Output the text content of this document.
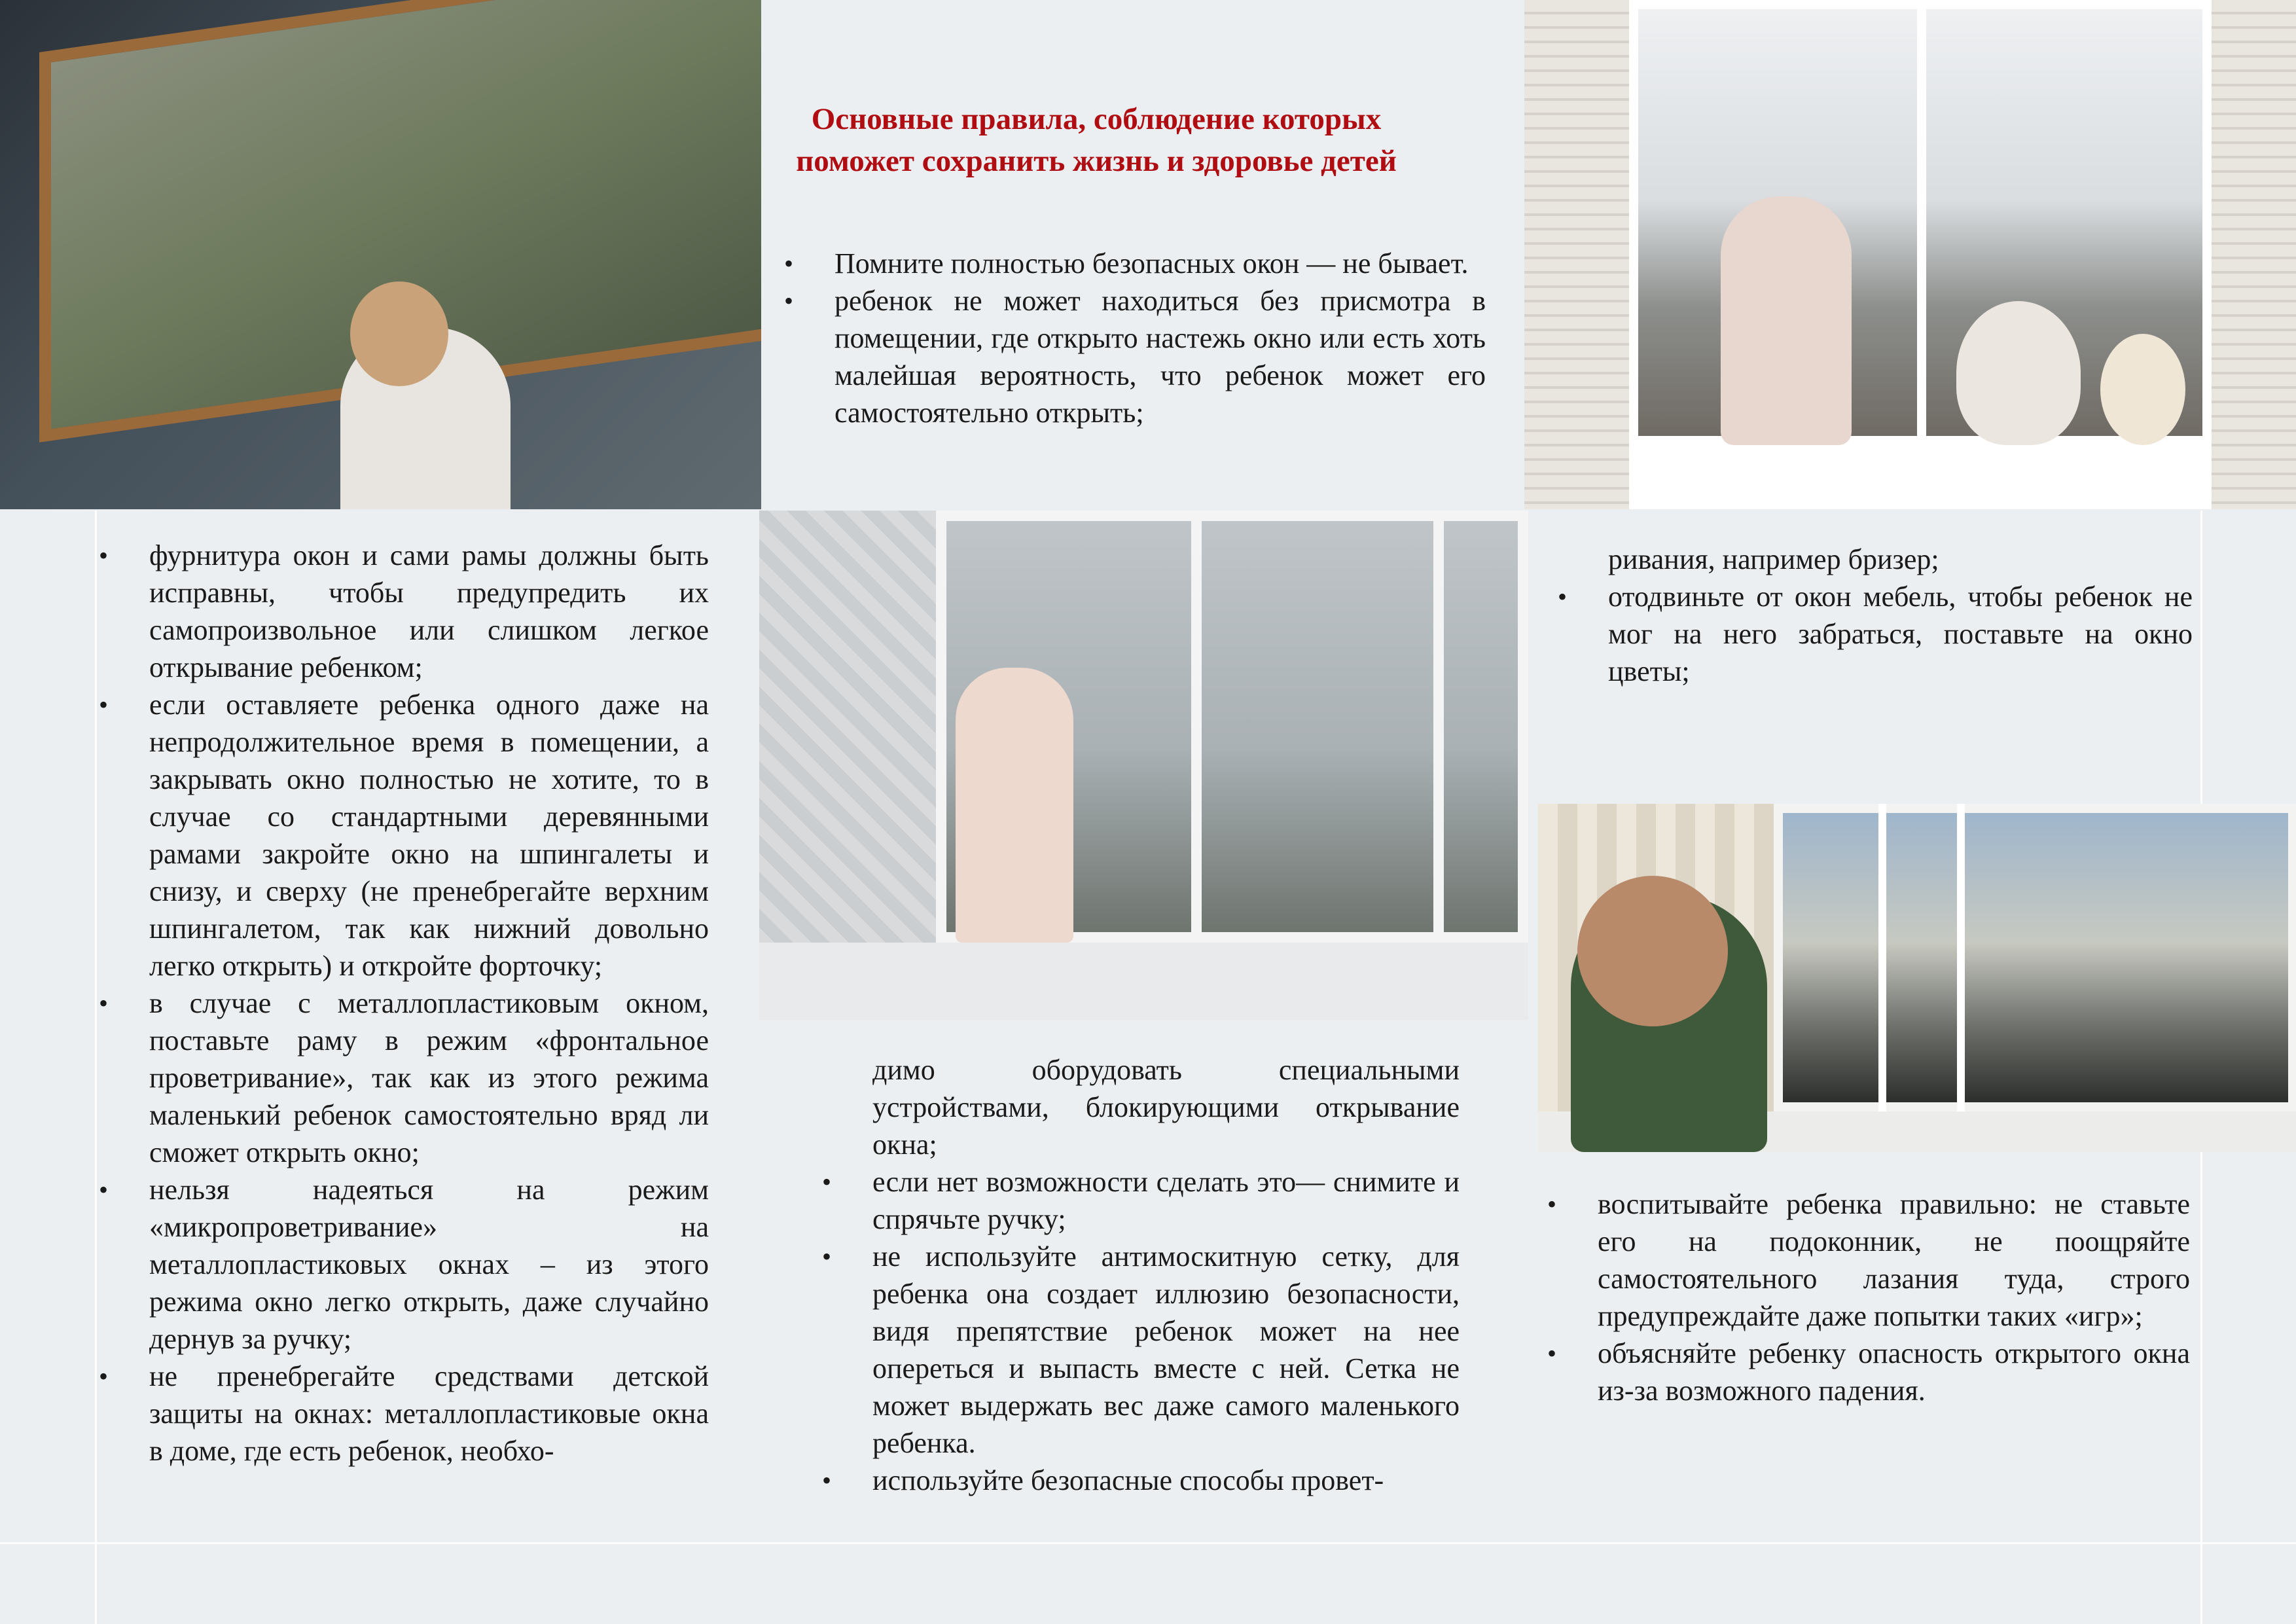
Основные правила, соблюдение которых поможет сохранить жизнь и здоровье детей
• Помните полностью безопасных окон — не бывает.
• ребенок не может находиться без присмотра в помещении, где открыто настежь окно или есть хоть малейшая вероятность, что ребенок может его самостоятельно открыть;
• фурнитура окон и сами рамы должны быть исправны, чтобы предупредить их самопроизвольное или слишком легкое открывание ребенком;
• если оставляете ребенка одного даже на непродолжительное время в помещении, а закрывать окно полностью не хотите, то в случае со стандартными деревянными рамами закройте окно на шпингалеты и снизу, и сверху (не пренебрегайте верхним шпингалетом, так как нижний довольно легко открыть) и откройте форточку;
• в случае с металлопластиковым окном, поставьте раму в режим «фронтальное проветривание», так как из этого режима маленький ребенок самостоятельно вряд ли сможет открыть окно;
• нельзя надеяться на режим «микропроветривание» на металлопластиковых окнах – из этого режима окно легко открыть, даже случайно дернув за ручку;
• не пренебрегайте средствами детской защиты на окнах: металлопластиковые окна в доме, где есть ребенок, необхо-
димо оборудовать специальными устройствами, блокирующими открывание окна;
• если нет возможности сделать это— снимите и спрячьте ручку;
• не используйте антимоскитную сетку, для ребенка она создает иллюзию безопасности, видя препятствие ребенок может на нее опереться и выпасть вместе с ней. Сетка не может выдержать вес даже самого маленького ребенка.
• используйте безопасные способы провет-
ривания, например бризер;
• отодвиньте от окон мебель, чтобы ребенок не мог на него забраться, поставьте на окно цветы;
• воспитывайте ребенка правильно: не ставьте его на подоконник, не поощряйте самостоятельного лазания туда, строго предупреждайте даже попытки таких «игр»;
• объясняйте ребенку опасность открытого окна из-за возможного падения.
